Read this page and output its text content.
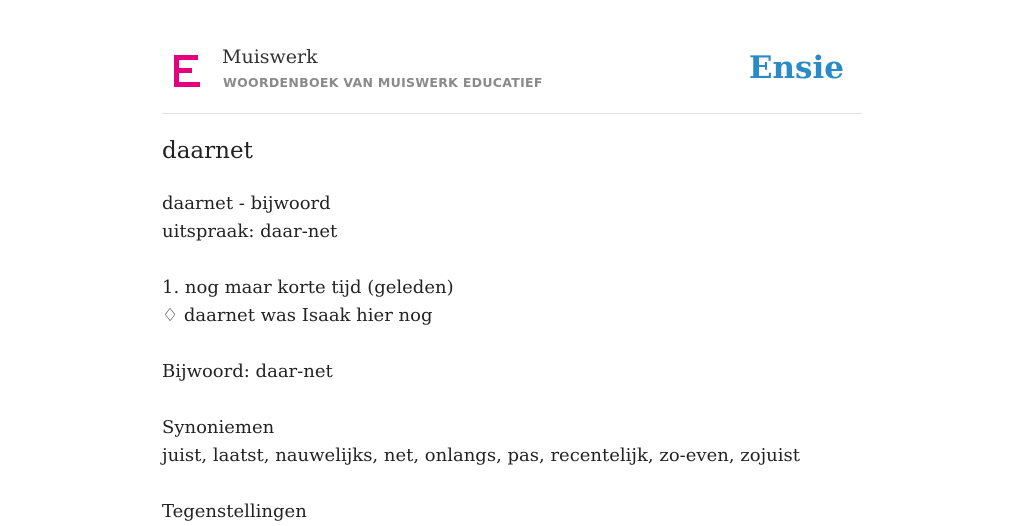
Muiswerk
WOORDENBOEK VAN MUISWERK EDUCATIEF	Ensie
daarnet
daarnet - bijwoord
uitspraak: daar-net
1. nog maar korte tijd (geleden)
♢ daarnet was Isaak hier nog
Bijwoord: daar-net
Synoniemen
juist, laatst, nauwelijks, net, onlangs, pas, recentelijk, zo-even, zojuist
Tegenstellingen
